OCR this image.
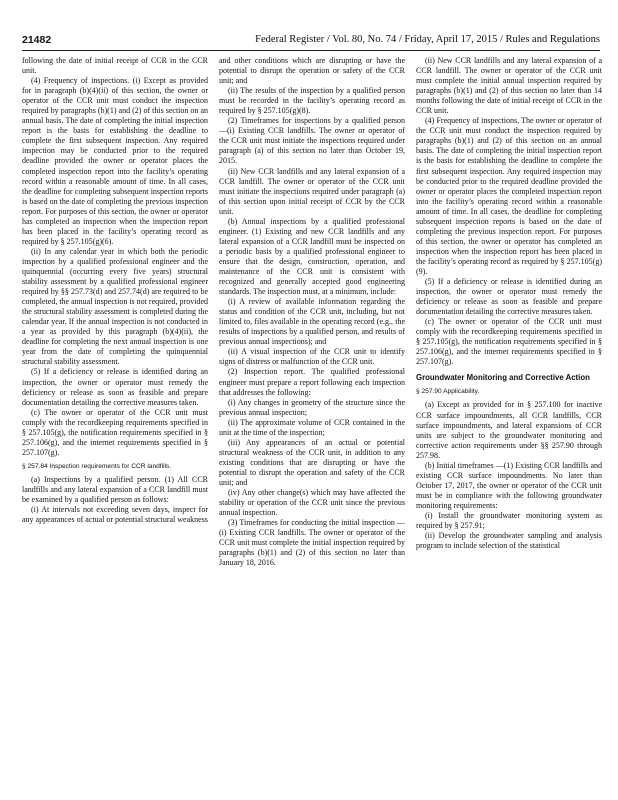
21482	Federal Register / Vol. 80, No. 74 / Friday, April 17, 2015 / Rules and Regulations

following the date of initial receipt of CCR in the CCR unit.

(4) Frequency of inspections. (i) Except as provided for in paragraph (b)(4)(ii) of this section, the owner or operator of the CCR unit must conduct the inspection required by paragraphs (b)(1) and (2) of this section on an annual basis. The date of completing the initial inspection report is the basis for establishing the deadline to complete the first subsequent inspection. Any required inspection may be conducted prior to the required deadline provided the owner or operator places the completed inspection report into the facility’s operating record within a reasonable amount of time. In all cases, the deadline for completing subsequent inspection reports is based on the date of completing the previous inspection report. For purposes of this section, the owner or operator has completed an inspection when the inspection report has been placed in the facility’s operating record as required by § 257.105(g)(6).

(ii) In any calendar year in which both the periodic inspection by a qualified professional engineer and the quinquennial (occurring every five years) structural stability assessment by a qualified professional engineer required by §§ 257.73(d) and 257.74(d) are required to be completed, the annual inspection is not required, provided the structural stability assessment is completed during the calendar year. If the annual inspection is not conducted in a year as provided by this paragraph (b)(4)(ii), the deadline for completing the next annual inspection is one year from the date of completing the quinquennial structural stability assessment.

(5) If a deficiency or release is identified during an inspection, the owner or operator must remedy the deficiency or release as soon as feasible and prepare documentation detailing the corrective measures taken.

(c) The owner or operator of the CCR unit must comply with the recordkeeping requirements specified in § 257.105(g), the notification requirements specified in § 257.106(g), and the internet requirements specified in § 257.107(g).

§ 257.84 Inspection requirements for CCR landfills.

(a) Inspections by a qualified person. (1) All CCR landfills and any lateral expansion of a CCR landfill must be examined by a qualified person as follows:

(i) At intervals not exceeding seven days, inspect for any appearances of actual or potential structural weakness

and other conditions which are disrupting or have the potential to disrupt the operation or safety of the CCR unit; and

(ii) The results of the inspection by a qualified person must be recorded in the facility’s operating record as required by § 257.105(g)(8).

(2) Timeframes for inspections by a qualified person —(i) Existing CCR landfills. The owner or operator of the CCR unit must initiate the inspections required under paragraph (a) of this section no later than October 19, 2015.

(ii) New CCR landfills and any lateral expansion of a CCR landfill. The owner or operator of the CCR unit must initiate the inspections required under paragraph (a) of this section upon initial receipt of CCR by the CCR unit.

(b) Annual inspections by a qualified professional engineer. (1) Existing and new CCR landfills and any lateral expansion of a CCR landfill must be inspected on a periodic basis by a qualified professional engineer to ensure that the design, construction, operation, and maintenance of the CCR unit is consistent with recognized and generally accepted good engineering standards. The inspection must, at a minimum, include:

(i) A review of available information regarding the status and condition of the CCR unit, including, but not limited to, files available in the operating record (e.g., the results of inspections by a qualified person, and results of previous annual inspections); and

(ii) A visual inspection of the CCR unit to identify signs of distress or malfunction of the CCR unit.

(2) Inspection report. The qualified professional engineer must prepare a report following each inspection that addresses the following:

(i) Any changes in geometry of the structure since the previous annual inspection;

(ii) The approximate volume of CCR contained in the unit at the time of the inspection;

(iii) Any appearances of an actual or potential structural weakness of the CCR unit, in addition to any existing conditions that are disrupting or have the potential to disrupt the operation and safety of the CCR unit; and

(iv) Any other change(s) which may have affected the stability or operation of the CCR unit since the previous annual inspection.

(3) Timeframes for conducting the initial inspection —(i) Existing CCR landfills. The owner or operator of the CCR unit must complete the initial inspection required by paragraphs (b)(1) and (2) of this section no later than January 18, 2016.

(ii) New CCR landfills and any lateral expansion of a CCR landfill. The owner or operator of the CCR unit must complete the initial annual inspection required by paragraphs (b)(1) and (2) of this section no later than 14 months following the date of initial receipt of CCR in the CCR unit.

(4) Frequency of inspections. The owner or operator of the CCR unit must conduct the inspection required by paragraphs (b)(1) and (2) of this section on an annual basis. The date of completing the initial inspection report is the basis for establishing the deadline to complete the first subsequent inspection. Any required inspection may be conducted prior to the required deadline provided the owner or operator places the completed inspection report into the facility’s operating record within a reasonable amount of time. In all cases, the deadline for completing subsequent inspection reports is based on the date of completing the previous inspection report. For purposes of this section, the owner or operator has completed an inspection when the inspection report has been placed in the facility’s operating record as required by § 257.105(g)(9).

(5) If a deficiency or release is identified during an inspection, the owner or operator must remedy the deficiency or release as soon as feasible and prepare documentation detailing the corrective measures taken.

(c) The owner or operator of the CCR unit must comply with the recordkeeping requirements specified in § 257.105(g), the notification requirements specified in § 257.106(g), and the internet requirements specified in § 257.107(g).

Groundwater Monitoring and Corrective Action

§ 257.90 Applicability.

(a) Except as provided for in § 257.100 for inactive CCR surface impoundments, all CCR landfills, CCR surface impoundments, and lateral expansions of CCR units are subject to the groundwater monitoring and corrective action requirements under §§ 257.90 through 257.98.

(b) Initial timeframes —(1) Existing CCR landfills and existing CCR surface impoundments. No later than October 17, 2017, the owner or operator of the CCR unit must be in compliance with the following groundwater monitoring requirements:

(i) Install the groundwater monitoring system as required by § 257.91;

(ii) Develop the groundwater sampling and analysis program to include selection of the statistical
